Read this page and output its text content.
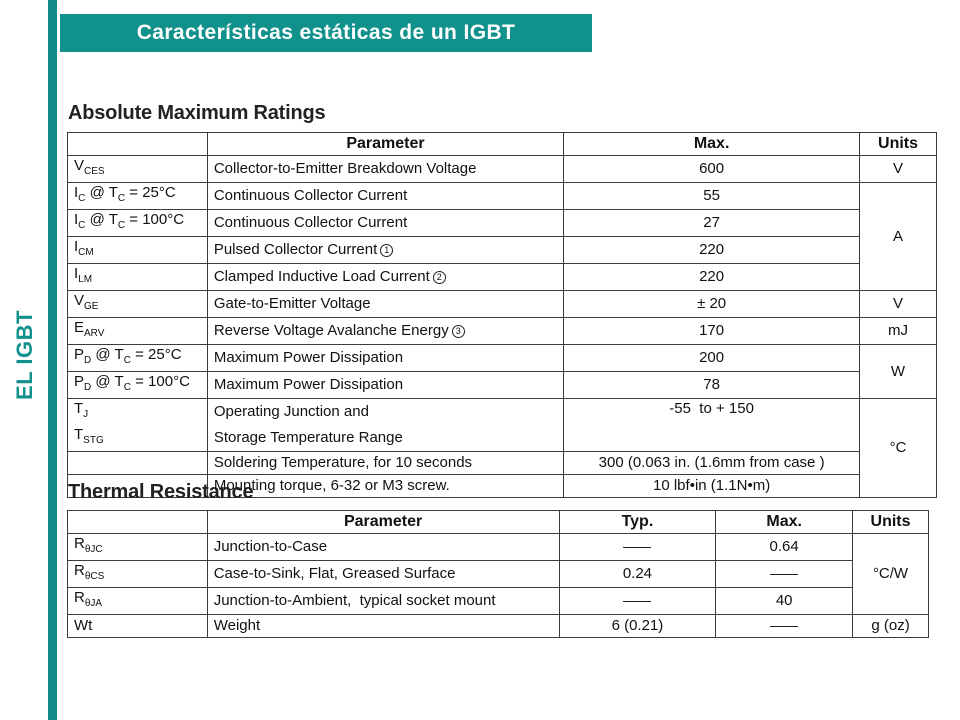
EL IGBT
Características estáticas de un IGBT
Absolute Maximum Ratings
	Parameter	Max.	Units
$V_{CES}$	Collector-to-Emitter Breakdown Voltage	600	V
$I_C$ @ $T_C = 25^\circ C$	Continuous Collector Current	55	A
$I_C$ @ $T_C = 100^\circ C$	Continuous Collector Current	27	
$I_{CM}$	Pulsed Collector Current 1	220	
$I_{LM}$	Clamped Inductive Load Current 2	220	
$V_{GE}$	Gate-to-Emitter Voltage	± 20	V
$E_{ARV}$	Reverse Voltage Avalanche Energy 3	170	mJ
$P_D$ @ $T_C = 25^\circ C$	Maximum Power Dissipation	200	W
$P_D$ @ $T_C = 100^\circ C$	Maximum Power Dissipation	78	
$T_J$	Operating Junction and	-55  to + 150	°C
$T_{STG}$	Storage Temperature Range		
	Soldering Temperature, for 10 seconds	300 (0.063 in. (1.6mm from case )	
	Mounting torque, 6-32 or M3 screw.	10 lbf•in (1.1N•m)	
Thermal Resistance
	Parameter	Typ.	Max.	Units
$R_{\theta JC}$	Junction-to-Case		0.64	°C/W
$R_{\theta CS}$	Case-to-Sink, Flat, Greased Surface	0.24		
$R_{\theta JA}$	Junction-to-Ambient,  typical socket mount		40	
Wt	Weight	6 (0.21)		g (oz)
